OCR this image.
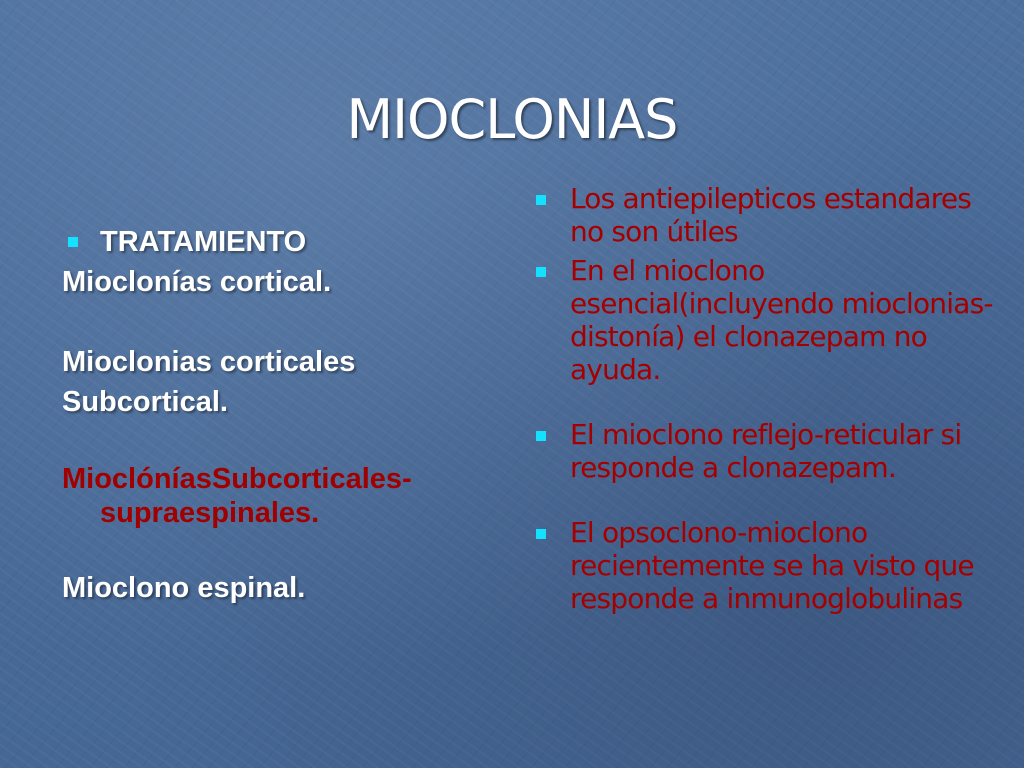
MIOCLONIAS
TRATAMIENTO
Mioclonías cortical.
Mioclonias corticales
Subcortical.
MioclóníasSubcorticales-supraespinales.
Mioclono espinal.
Los antiepilepticos estandares no son útiles
En el mioclono esencial(incluyendo mioclonias-distonía) el clonazepam no ayuda.
El mioclono reflejo-reticular si responde a clonazepam.
El opsoclono-mioclono recientemente se ha visto que responde a inmunoglobulinas
